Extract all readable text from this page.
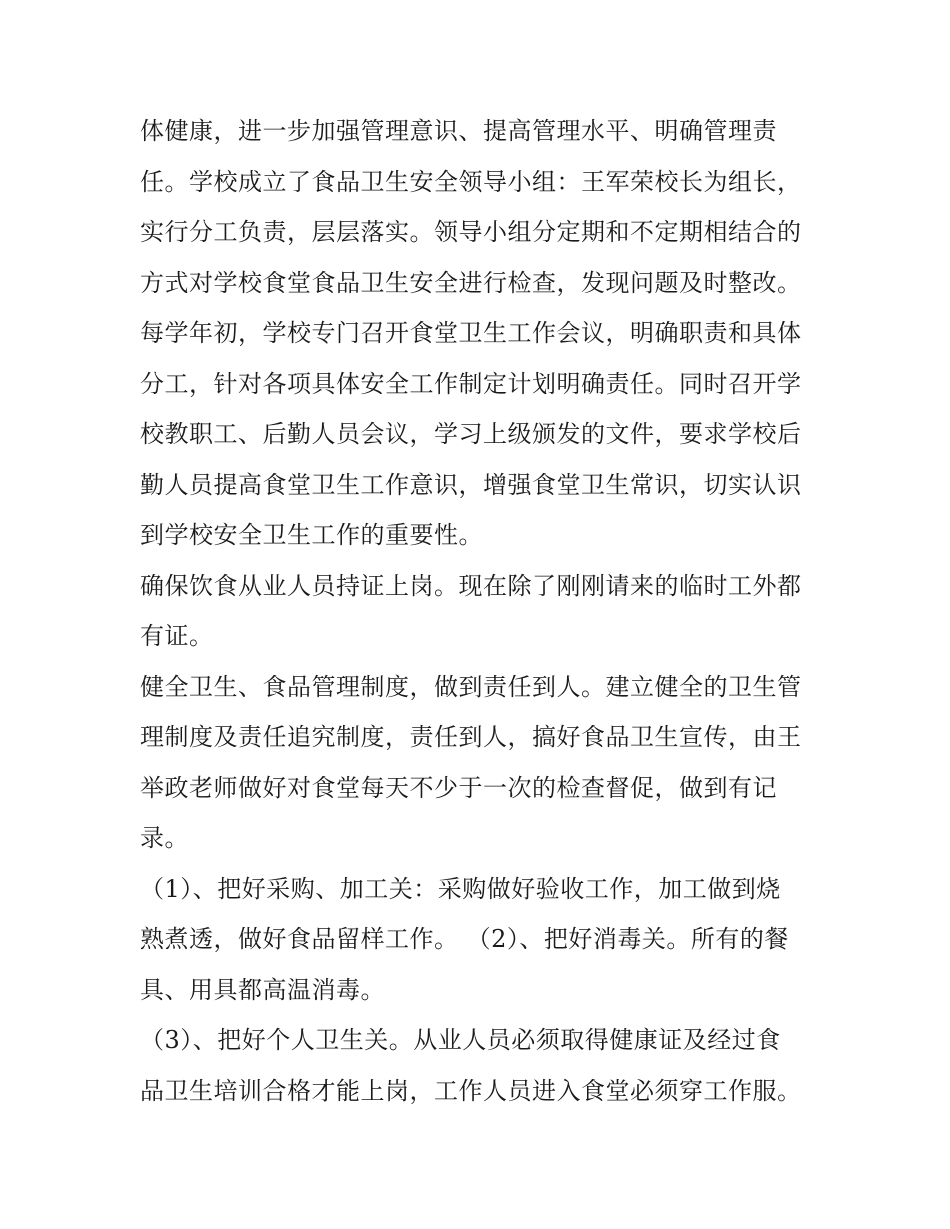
体健康，进一步加强管理意识、提高管理水平、明确管理责
任。学校成立了食品卫生安全领导小组：王军荣校长为组长，
实行分工负责，层层落实。领导小组分定期和不定期相结合的
方式对学校食堂食品卫生安全进行检查，发现问题及时整改。
每学年初，学校专门召开食堂卫生工作会议，明确职责和具体
分工，针对各项具体安全工作制定计划明确责任。同时召开学
校教职工、后勤人员会议，学习上级颁发的文件，要求学校后
勤人员提高食堂卫生工作意识，增强食堂卫生常识，切实认识
到学校安全卫生工作的重要性。
确保饮食从业人员持证上岗。现在除了刚刚请来的临时工外都
有证。
健全卫生、食品管理制度，做到责任到人。建立健全的卫生管
理制度及责任追究制度，责任到人，搞好食品卫生宣传，由王
举政老师做好对食堂每天不少于一次的检查督促，做到有记
录。
（1）、把好采购、加工关：采购做好验收工作，加工做到烧
熟煮透，做好食品留样工作。 （2）、把好消毒关。所有的餐
具、用具都高温消毒。
（3）、把好个人卫生关。从业人员必须取得健康证及经过食
品卫生培训合格才能上岗，工作人员进入食堂必须穿工作服。
